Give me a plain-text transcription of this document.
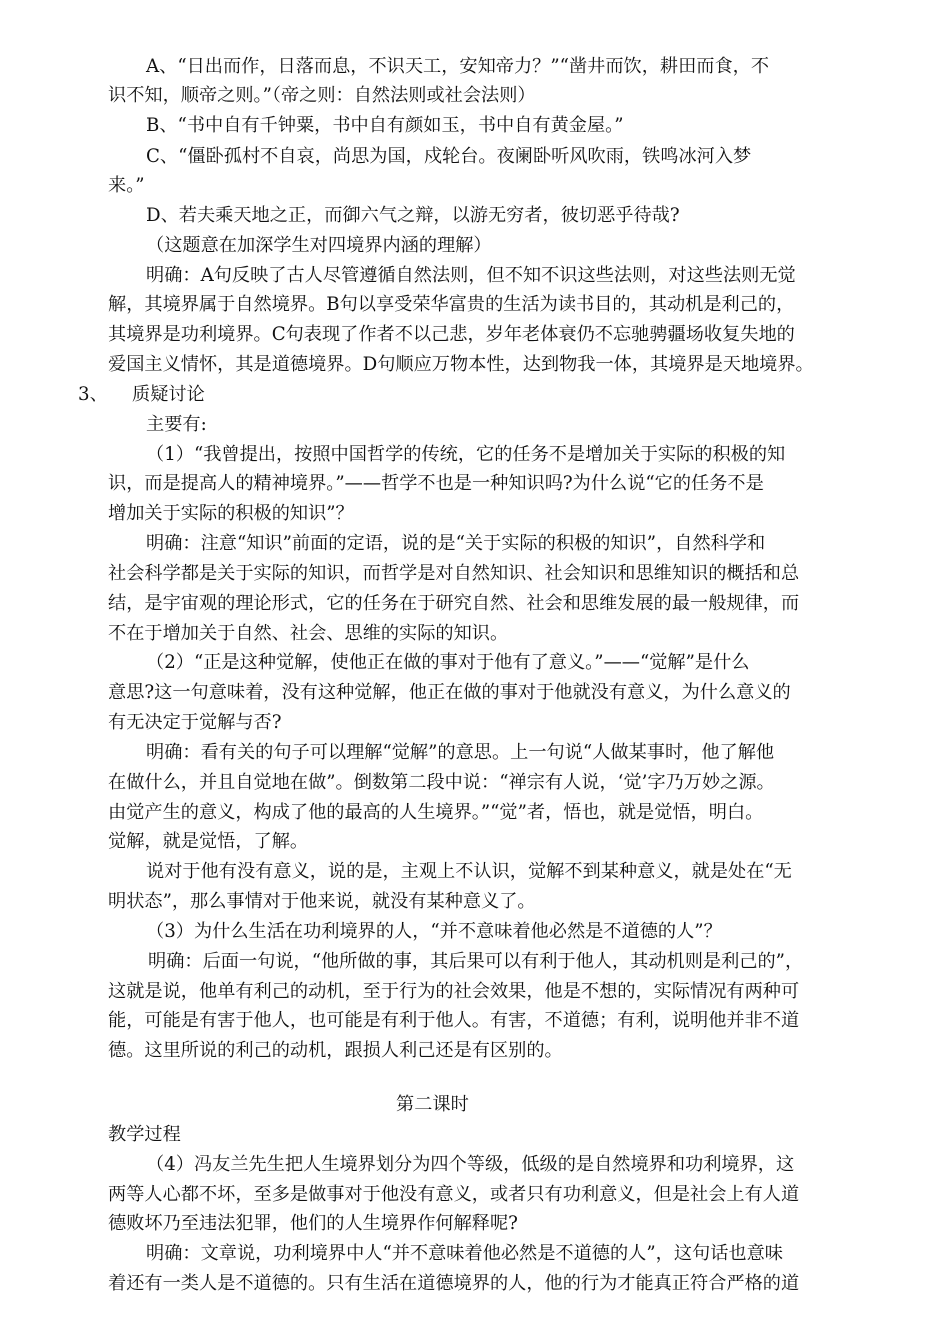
A、“日出而作，日落而息，不识天工，安知帝力？”“凿井而饮，耕田而食，不
识不知，顺帝之则。”（帝之则：自然法则或社会法则）
B、“书中自有千钟粟，书中自有颜如玉，书中自有黄金屋。”
C、“僵卧孤村不自哀，尚思为国，戍轮台。夜阑卧听风吹雨，铁鸣冰河入梦
来。”
D、若夫乘天地之正，而御六气之辩，以游无穷者，彼切恶乎待哉?
（这题意在加深学生对四境界内涵的理解）
明确：A句反映了古人尽管遵循自然法则，但不知不识这些法则，对这些法则无觉
解，其境界属于自然境界。B句以享受荣华富贵的生活为读书目的，其动机是利己的，
其境界是功利境界。C句表现了作者不以己悲，岁年老体衰仍不忘驰骋疆场收复失地的
爱国主义情怀，其是道德境界。D句顺应万物本性，达到物我一体，其境界是天地境界。
3、 质疑讨论
主要有:
（1）“我曾提出，按照中国哲学的传统，它的任务不是增加关于实际的积极的知
识，而是提高人的精神境界。”——哲学不也是一种知识吗?为什么说“它的任务不是
增加关于实际的积极的知识”？
明确：注意“知识”前面的定语，说的是“关于实际的积极的知识”，自然科学和
社会科学都是关于实际的知识，而哲学是对自然知识、社会知识和思维知识的概括和总
结，是宇宙观的理论形式，它的任务在于研究自然、社会和思维发展的最一般规律，而
不在于增加关于自然、社会、思维的实际的知识。
（2）“正是这种觉解，使他正在做的事对于他有了意义。”——“觉解”是什么
意思?这一句意味着，没有这种觉解，他正在做的事对于他就没有意义，为什么意义的
有无决定于觉解与否?
明确：看有关的句子可以理解“觉解”的意思。上一句说“人做某事时，他了解他
在做什么，并且自觉地在做”。倒数第二段中说：“禅宗有人说，‘觉’字乃万妙之源。
由觉产生的意义，构成了他的最高的人生境界。”“觉”者，悟也，就是觉悟，明白。
觉解，就是觉悟，了解。
说对于他有没有意义，说的是，主观上不认识，觉解不到某种意义，就是处在“无
明状态”，那么事情对于他来说，就没有某种意义了。
（3）为什么生活在功利境界的人，“并不意味着他必然是不道德的人”？
明确：后面一句说，“他所做的事，其后果可以有利于他人，其动机则是利己的”，
这就是说，他单有利己的动机，至于行为的社会效果，他是不想的，实际情况有两种可
能，可能是有害于他人，也可能是有利于他人。有害，不道德；有利，说明他并非不道
德。这里所说的利己的动机，跟损人利己还是有区别的。
第二课时
教学过程
（4）冯友兰先生把人生境界划分为四个等级，低级的是自然境界和功利境界，这
两等人心都不坏，至多是做事对于他没有意义，或者只有功利意义，但是社会上有人道
德败坏乃至违法犯罪，他们的人生境界作何解释呢?
明确：文章说，功利境界中人“并不意味着他必然是不道德的人”，这句话也意味
着还有一类人是不道德的。只有生活在道德境界的人，他的行为才能真正符合严格的道
